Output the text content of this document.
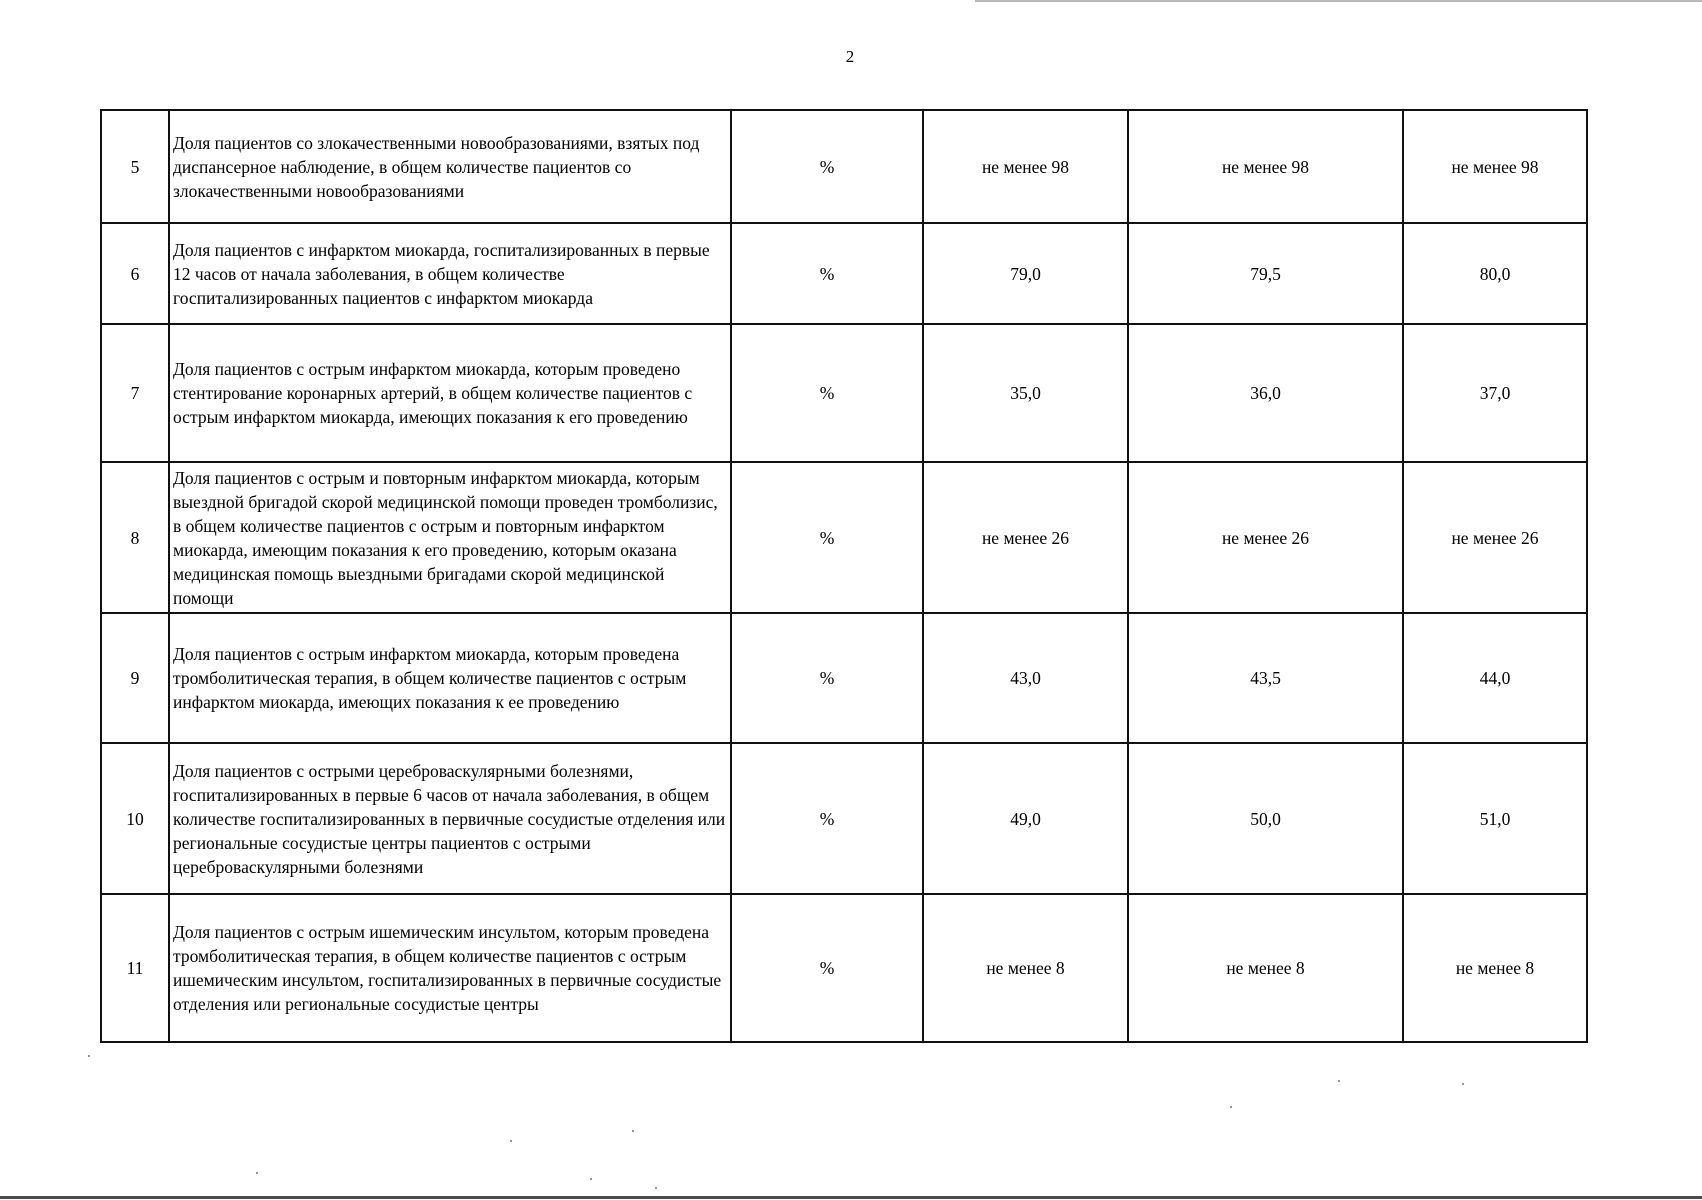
2
5	Доля пациентов со злокачественными новообразованиями, взятых под диспансерное наблюдение, в общем количестве пациентов со злокачественными новообразованиями	%	не менее 98	не менее 98	не менее 98
6	Доля пациентов с инфарктом миокарда, госпитализированных в первые 12 часов от начала заболевания, в общем количестве госпитализированных пациентов с инфарктом миокарда	%	79,0	79,5	80,0
7	Доля пациентов с острым инфарктом миокарда, которым проведено стентирование коронарных артерий, в общем количестве пациентов с острым инфарктом миокарда, имеющих показания к его проведению	%	35,0	36,0	37,0
8	Доля пациентов с острым и повторным инфарктом миокарда, которым выездной бригадой скорой медицинской помощи проведен тромболизис, в общем количестве пациентов с острым и повторным инфарктом миокарда, имеющим показания к его проведению, которым оказана медицинская помощь выездными бригадами скорой медицинской помощи	%	не менее 26	не менее 26	не менее 26
9	Доля пациентов с острым инфарктом миокарда, которым проведена тромболитическая терапия, в общем количестве пациентов с острым инфарктом миокарда, имеющих показания к ее проведению	%	43,0	43,5	44,0
10	Доля пациентов с острыми цереброваскулярными болезнями, госпитализированных в первые 6 часов от начала заболевания, в общем количестве госпитализированных в первичные сосудистые отделения или региональные сосудистые центры пациентов с острыми цереброваскулярными болезнями	%	49,0	50,0	51,0
11	Доля пациентов с острым ишемическим инсультом, которым проведена тромболитическая терапия, в общем количестве пациентов с острым ишемическим инсультом, госпитализированных в первичные сосудистые отделения или региональные сосудистые центры	%	не менее 8	не менее 8	не менее 8
